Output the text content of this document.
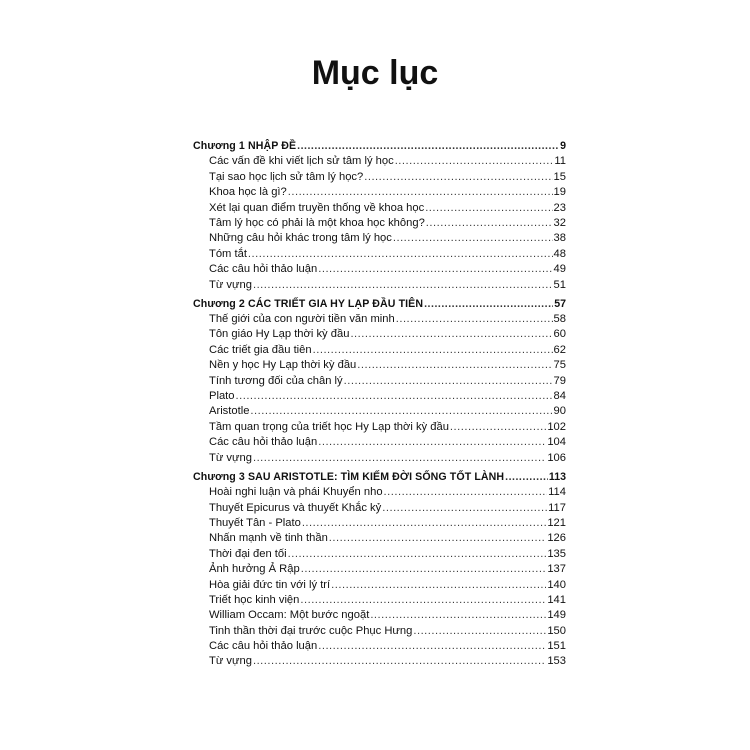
Mục lục
Chương 1 NHẬP ĐỀ .....	9
Các vấn đề khi viết lịch sử tâm lý học .....	11
Tại sao học lịch sử tâm lý học? .....	15
Khoa học là gì? .....	19
Xét lại quan điểm truyền thống về khoa học .....	23
Tâm lý học có phải là một khoa học không? .....	32
Những câu hỏi khác trong tâm lý học .....	38
Tóm tắt .....	48
Các câu hỏi thảo luận .....	49
Từ vựng .....	51
Chương 2 CÁC TRIẾT GIA HY LẠP ĐẦU TIÊN .....	57
Thế giới của con người tiền văn minh .....	58
Tôn giáo Hy Lạp thời kỳ đầu .....	60
Các triết gia đầu tiên .....	62
Nền y học Hy Lạp thời kỳ đầu .....	75
Tính tương đối của chân lý .....	79
Plato .....	84
Aristotle .....	90
Tầm quan trọng của triết học Hy Lạp thời kỳ đầu .....	102
Các câu hỏi thảo luận .....	104
Từ vựng .....	106
Chương 3 SAU ARISTOTLE: TÌM KIẾM ĐỜI SỐNG TỐT LÀNH .....	113
Hoài nghi luận và phái Khuyển nho .....	114
Thuyết Epicurus và thuyết Khắc kỷ .....	117
Thuyết Tân - Plato .....	121
Nhấn mạnh về tinh thần .....	126
Thời đại đen tối .....	135
Ảnh hưởng Ả Rập .....	137
Hòa giải đức tin với lý trí .....	140
Triết học kinh viện .....	141
William Occam: Một bước ngoặt .....	149
Tinh thần thời đại trước cuộc Phục Hưng .....	150
Các câu hỏi thảo luận .....	151
Từ vựng .....	153
